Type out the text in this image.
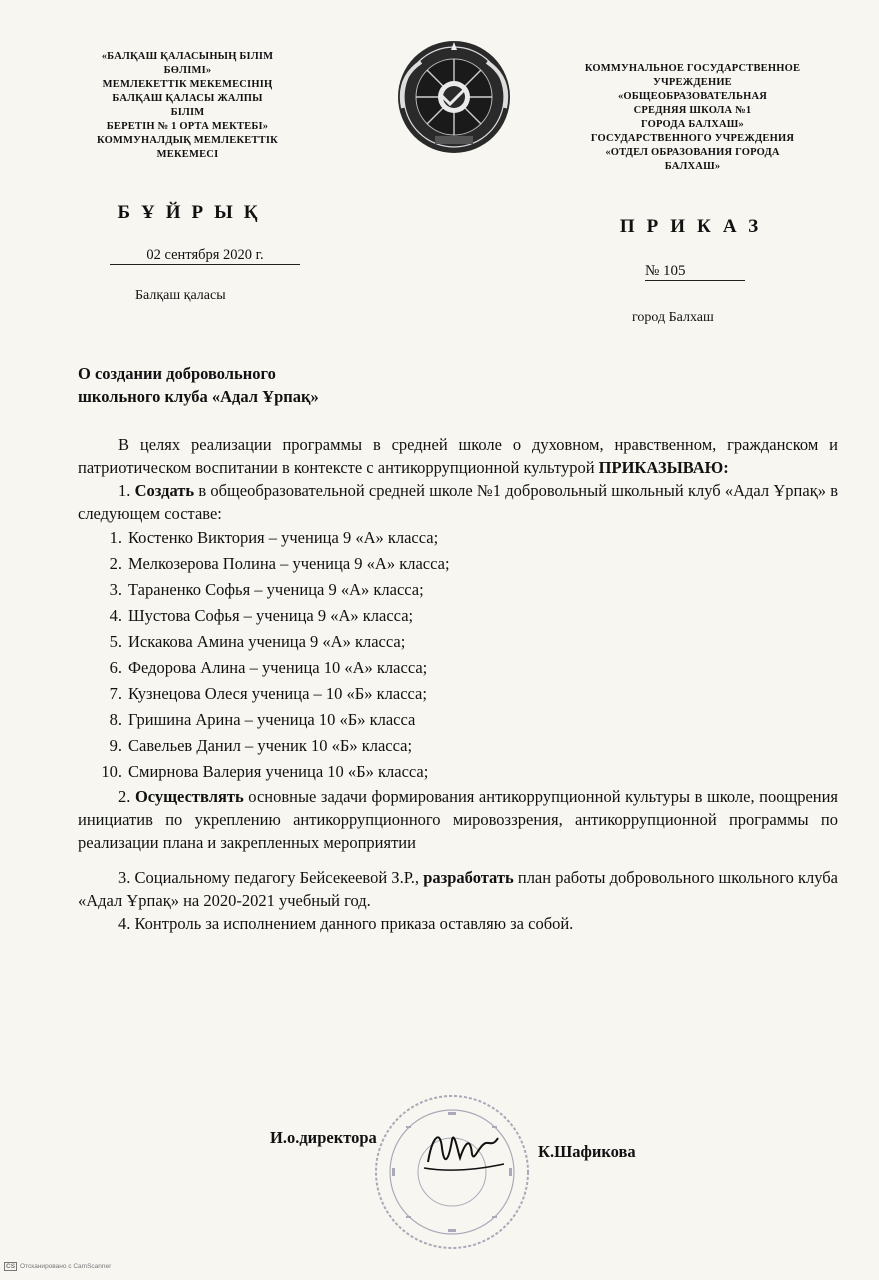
«БАЛҚАШ ҚАЛАСЫНЫҢ БІЛІМ
БӨЛІМІ»
МЕМЛЕКЕТТІК МЕКЕМЕСІНІҢ
БАЛҚАШ ҚАЛАСЫ ЖАЛПЫ
БІЛІМ
БЕРЕТІН № 1 ОРТА МЕКТЕБІ»
КОММУНАЛДЫҚ МЕМЛЕКЕТТІК
МЕКЕМЕСІ
КОММУНАЛЬНОЕ ГОСУДАРСТВЕННОЕ
УЧРЕЖДЕНИЕ
«ОБЩЕОБРАЗОВАТЕЛЬНАЯ
СРЕДНЯЯ ШКОЛА №1
ГОРОДА БАЛХАШ»
ГОСУДАРСТВЕННОГО УЧРЕЖДЕНИЯ
«ОТДЕЛ ОБРАЗОВАНИЯ ГОРОДА
БАЛХАШ»
БҰЙРЫҚ
ПРИКАЗ
02 сентября 2020 г.
№ 105
Балқаш қаласы
город Балхаш
О создании добровольного
школьного клуба «Адал Ұрпақ»

В целях реализации программы в средней школе о духовном, нравственном, гражданском и патриотическом воспитании в контексте с антикоррупционной культурой ПРИКАЗЫВАЮ:

1. Создать в общеобразовательной средней школе №1 добровольный школьный клуб «Адал Ұрпақ» в следующем составе:

1. Костенко Виктория – ученица 9 «А» класса;
2. Мелкозерова Полина – ученица 9 «А» класса;
3. Тараненко Софья – ученица 9 «А» класса;
4. Шустова Софья – ученица 9 «А» класса;
5. Искакова Амина ученица 9 «А» класса;
6. Федорова Алина – ученица 10 «А» класса;
7. Кузнецова Олеся ученица – 10 «Б» класса;
8. Гришина Арина – ученица 10 «Б» класса
9. Савельев Данил – ученик 10 «Б» класса;
10. Смирнова Валерия ученица 10 «Б» класса;

2. Осуществлять основные задачи формирования антикоррупционной культуры в школе, поощрения инициатив по укреплению антикоррупционного мировоззрения, антикоррупционной программы по реализации плана и закрепленных мероприятии

3. Социальному педагогу Бейсекеевой З.Р., разработать план работы добровольного школьного клуба «Адал Ұрпақ» на 2020-2021 учебный год.

4. Контроль за исполнением данного приказа оставляю за собой.

И.о.директора
К.Шафикова
CS Отсканировано с CamScanner
